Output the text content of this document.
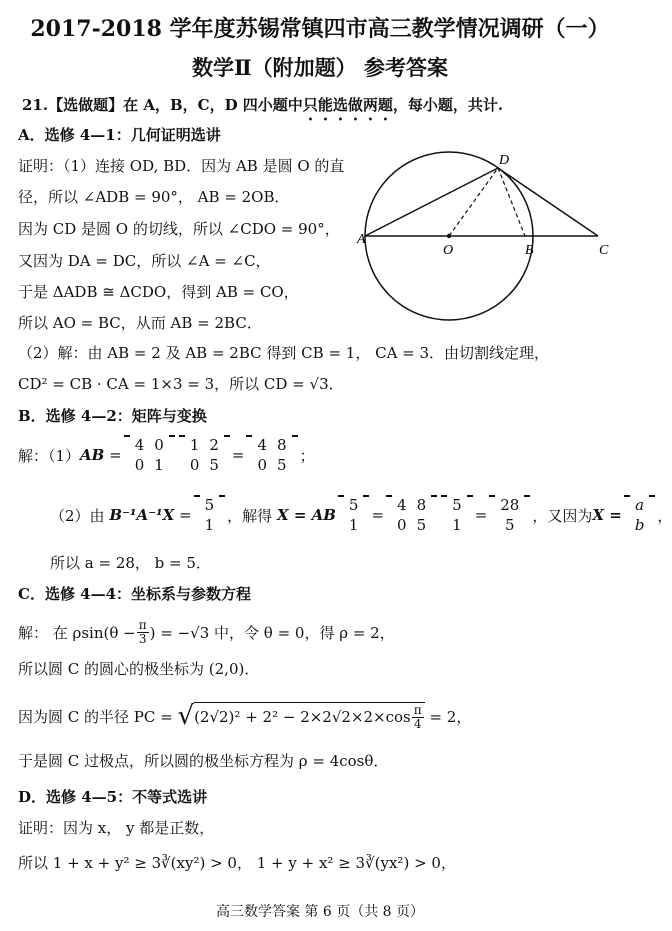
2017-2018 学年度苏锡常镇四市高三教学情况调研（一）
数学Ⅱ（附加题） 参考答案
21.【选做题】在 A，B，C，D 四小题中只能选做两题，每小题，共计.
A．选修 4—1：几何证明选讲
证明：（1）连接 OD, BD．因为 AB 是圆 O 的直
径，所以 ∠ADB = 90°， AB = 2OB．
因为 CD 是圆 O 的切线，所以 ∠CDO = 90°，
又因为 DA = DC，所以 ∠A = ∠C，
于是 ΔADB ≅ ΔCDO，得到 AB = CO，
所以 AO = BC，从而 AB = 2BC．
（2）解：由 AB = 2 及 AB = 2BC 得到 CB = 1， CA = 3．由切割线定理，
CD² = CB · CA = 1×3 = 3，所以 CD = √3．
A
O	B	C
D
B．选修 4—2：矩阵与变换
解：（1） AB =
4	0
0	1
1	2
0	5
=
4	8
0	5
；
（2）由
B⁻¹A⁻¹X =
5
1
，解得
X = AB
5
1
=
4	8
0	5
5
1
=
28
5
，又因为 X =
a
b
，
所以 a = 28， b = 5．
C．选修 4—4：坐标系与参数方程
解： 在 $\rho\sin(\theta - \frac{\pi}{3}$ ) = −√3 中，令 θ = 0，得 ρ = 2，
所以圆 C 的圆心的极坐标为 (2,0)．
因为圆 C 的半径 PC =
√ $(2√2)^2 + 2^2 - 2\times 2√2\times 2\times\cos \frac{\pi}{4}$
= 2，
于是圆 C 过极点，所以圆的极坐标方程为 ρ = 4cosθ．
D．选修 4—5：不等式选讲
证明：因为 x， y 都是正数，
所以 1 + x + y² ≥ 3∛(xy²) > 0， 1 + y + x² ≥ 3∛(yx²) > 0，
高三数学答案 第 6 页（共 8 页）
